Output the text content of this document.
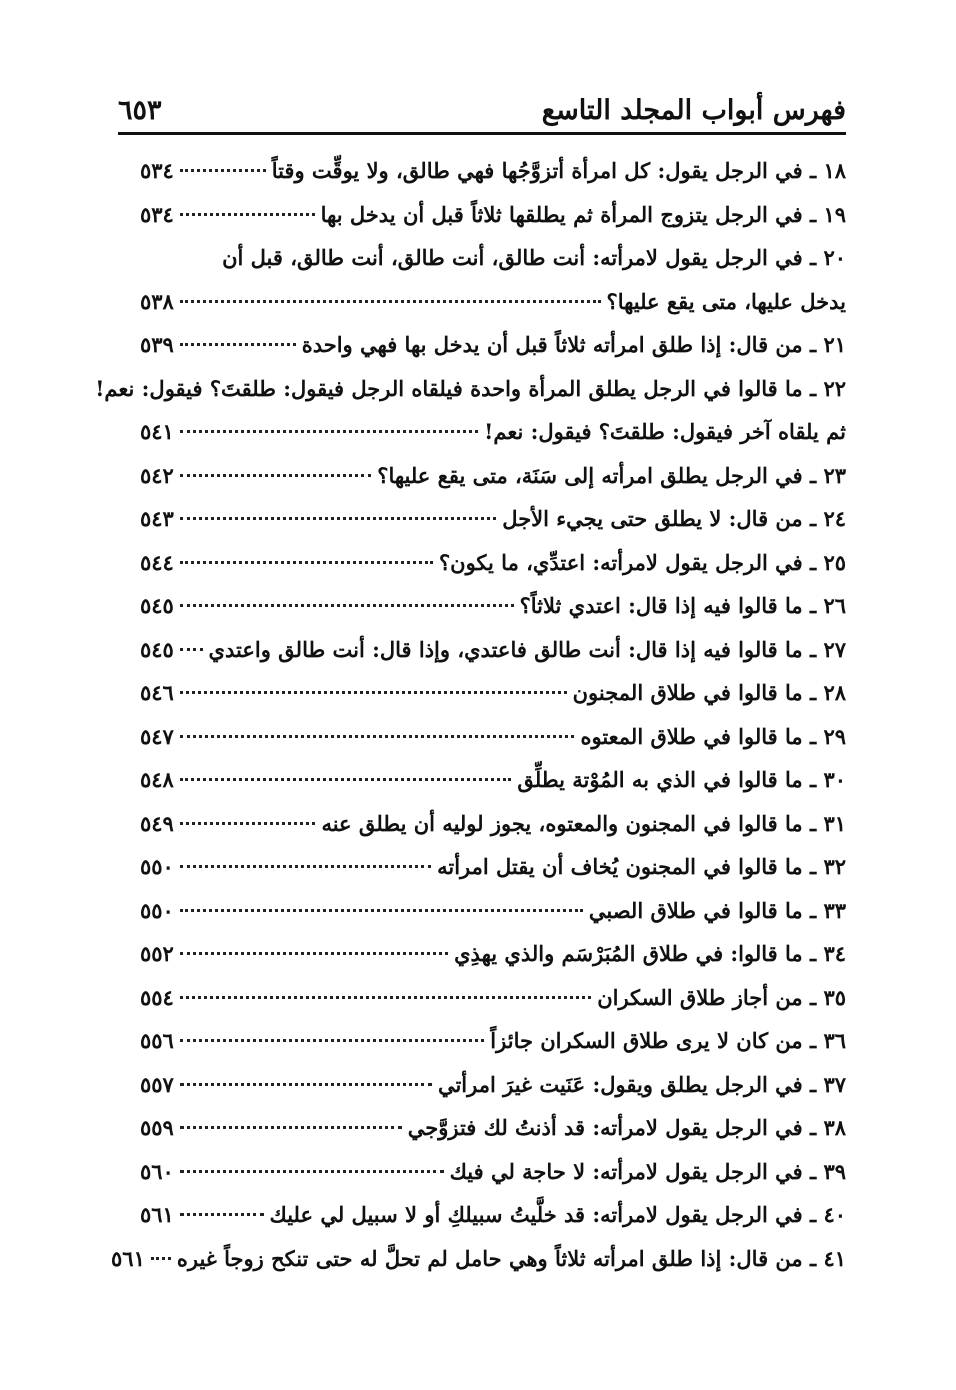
فهرس أبواب المجلد التاسع
٦٥٣
١٨ ـ في الرجل يقول: كل امرأة أتزوَّجُها فهي طالق، ولا يوقِّت وقتاً
٥٣٤
١٩ ـ في الرجل يتزوج المرأة ثم يطلقها ثلاثاً قبل أن يدخل بها
٥٣٤
٢٠ ـ في الرجل يقول لامرأته: أنت طالق، أنت طالق، أنت طالق، قبل أن
يدخل عليها، متى يقع عليها؟
٥٣٨
٢١ ـ من قال: إذا طلق امرأته ثلاثاً قبل أن يدخل بها فهي واحدة
٥٣٩
٢٢ ـ ما قالوا في الرجل يطلق المرأة واحدة فيلقاه الرجل فيقول: طلقتَ؟ فيقول: نعم!
ثم يلقاه آخر فيقول: طلقتَ؟ فيقول: نعم!
٥٤١
٢٣ ـ في الرجل يطلق امرأته إلى سَنَة، متى يقع عليها؟
٥٤٢
٢٤ ـ من قال: لا يطلق حتى يجيء الأجل
٥٤٣
٢٥ ـ في الرجل يقول لامرأته: اعتدِّي، ما يكون؟
٥٤٤
٢٦ ـ ما قالوا فيه إذا قال: اعتدي ثلاثاً؟
٥٤٥
٢٧ ـ ما قالوا فيه إذا قال: أنت طالق فاعتدي، وإذا قال: أنت طالق واعتدي
٥٤٥
٢٨ ـ ما قالوا في طلاق المجنون
٥٤٦
٢٩ ـ ما قالوا في طلاق المعتوه
٥٤٧
٣٠ ـ ما قالوا في الذي به المُوْتة يطلِّق
٥٤٨
٣١ ـ ما قالوا في المجنون والمعتوه، يجوز لوليه أن يطلق عنه
٥٤٩
٣٢ ـ ما قالوا في المجنون يُخاف أن يقتل امرأته
٥٥٠
٣٣ ـ ما قالوا في طلاق الصبي
٥٥٠
٣٤ ـ ما قالوا: في طلاق المُبَرْسَم والذي يهذِي
٥٥٢
٣٥ ـ من أجاز طلاق السكران
٥٥٤
٣٦ ـ من كان لا يرى طلاق السكران جائزاً
٥٥٦
٣٧ ـ في الرجل يطلق ويقول: عَنَيت غيرَ امرأتي
٥٥٧
٣٨ ـ في الرجل يقول لامرأته: قد أذنتُ لك فتزوَّجي
٥٥٩
٣٩ ـ في الرجل يقول لامرأته: لا حاجة لي فيك
٥٦٠
٤٠ ـ في الرجل يقول لامرأته: قد خلَّيتُ سبيلكِ أو لا سبيل لي عليك
٥٦١
٤١ ـ من قال: إذا طلق امرأته ثلاثاً وهي حامل لم تحلَّ له حتى تنكح زوجاً غيره
٥٦١
